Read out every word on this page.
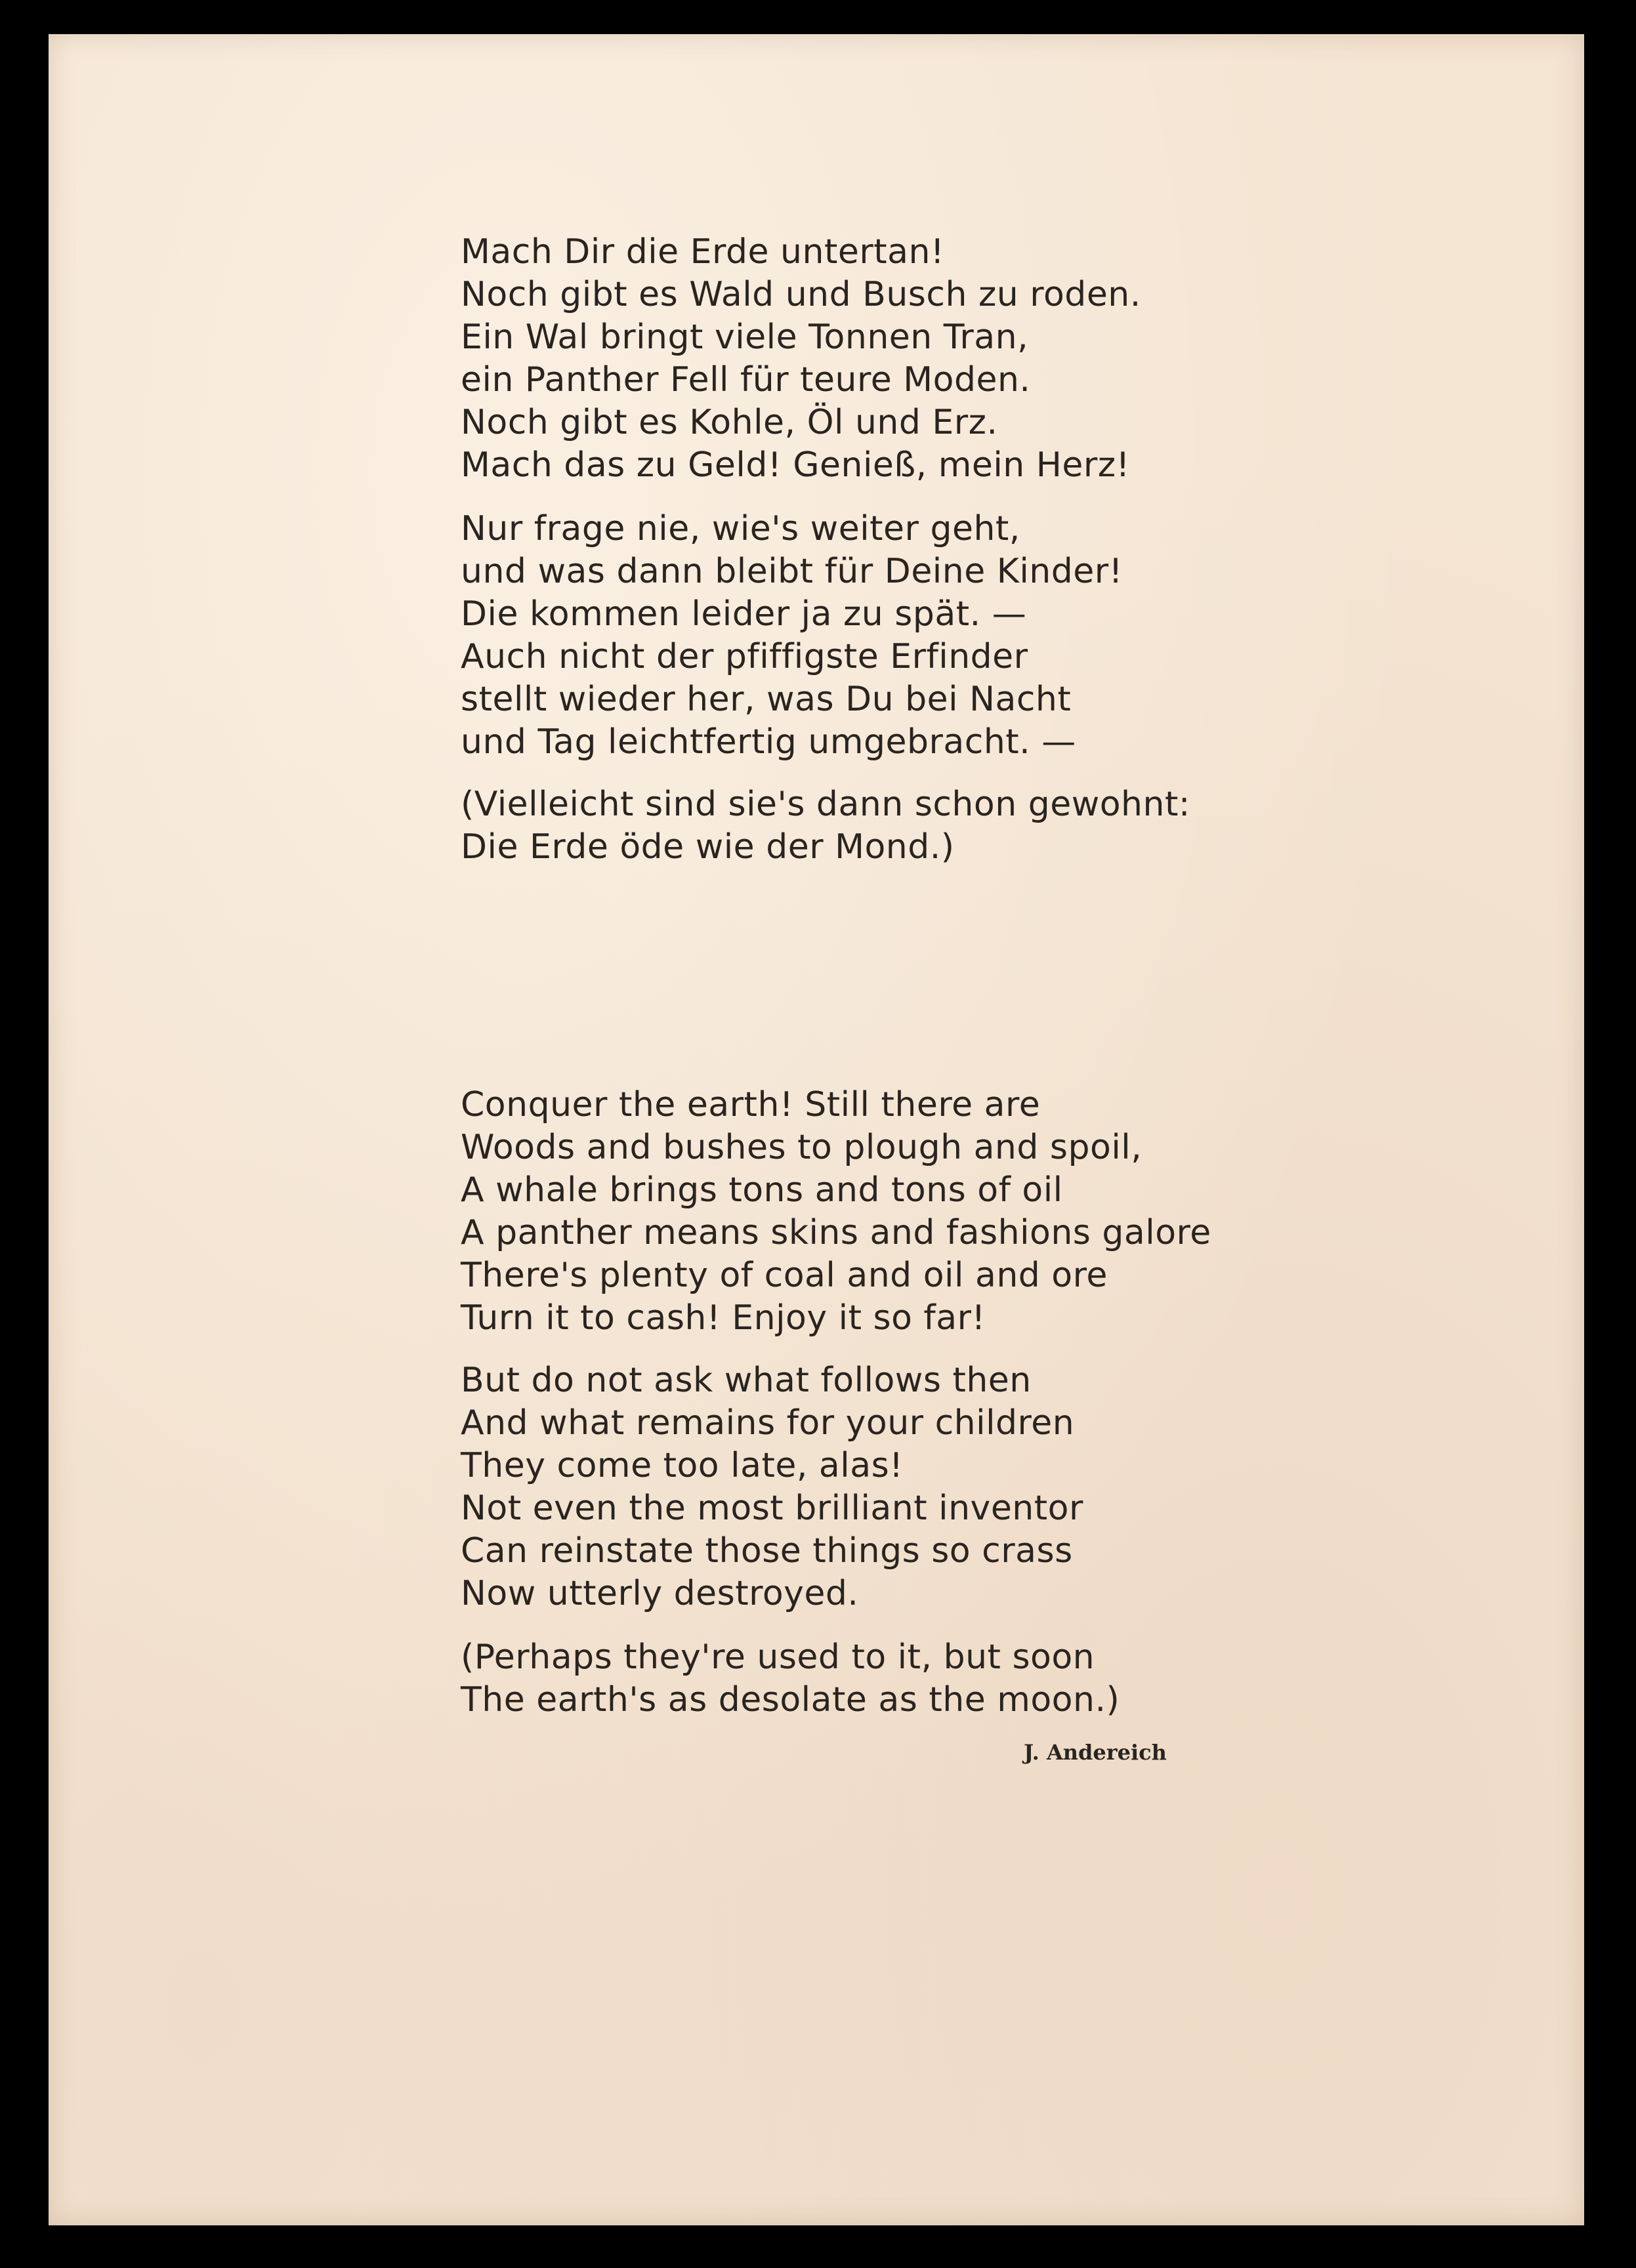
Mach Dir die Erde untertan!
Noch gibt es Wald und Busch zu roden.
Ein Wal bringt viele Tonnen Tran,
ein Panther Fell für teure Moden.
Noch gibt es Kohle, Öl und Erz.
Mach das zu Geld! Genieß, mein Herz!
Nur frage nie, wie's weiter geht,
und was dann bleibt für Deine Kinder!
Die kommen leider ja zu spät. —
Auch nicht der pfiffigste Erfinder
stellt wieder her, was Du bei Nacht
und Tag leichtfertig umgebracht. —
(Vielleicht sind sie's dann schon gewohnt:
Die Erde öde wie der Mond.)
Conquer the earth! Still there are
Woods and bushes to plough and spoil,
A whale brings tons and tons of oil
A panther means skins and fashions galore
There's plenty of coal and oil and ore
Turn it to cash! Enjoy it so far!
But do not ask what follows then
And what remains for your children
They come too late, alas!
Not even the most brilliant inventor
Can reinstate those things so crass
Now utterly destroyed.
(Perhaps they're used to it, but soon
The earth's as desolate as the moon.)
J. Andereich
